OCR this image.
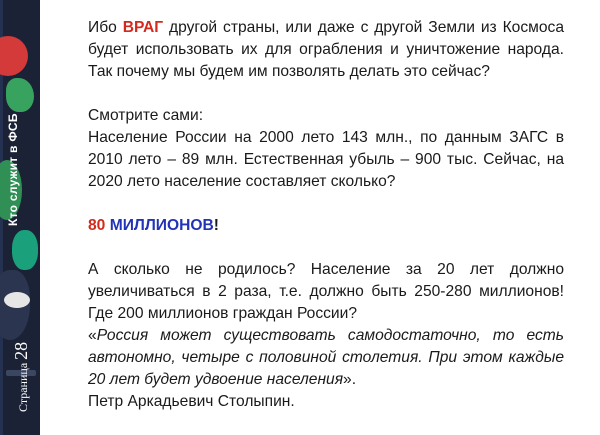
Кто служит в ФСБ
Страница
28

Ибо ВРАГ другой страны, или даже с другой Земли из Космоса будет использовать их для ограбления и уничтожение народа. Так почему мы будем им позволять делать это сейчас?

Смотрите сами:

Население России на 2000 лето 143 млн., по данным ЗАГС в 2010 лето – 89 млн. Естественная убыль – 900 тыс. Сейчас, на 2020 лето население составляет сколько?

80 МИЛЛИОНОВ!

А сколько не родилось? Население за 20 лет должно увеличиваться в 2 раза, т.е. должно быть 250-280 миллионов! Где 200 миллионов граждан России?

«Россия может существовать самодостаточно, то есть автономно, четыре с половиной столетия. При этом каждые 20 лет будет удвоение населения».

Петр Аркадьевич Столыпин.
